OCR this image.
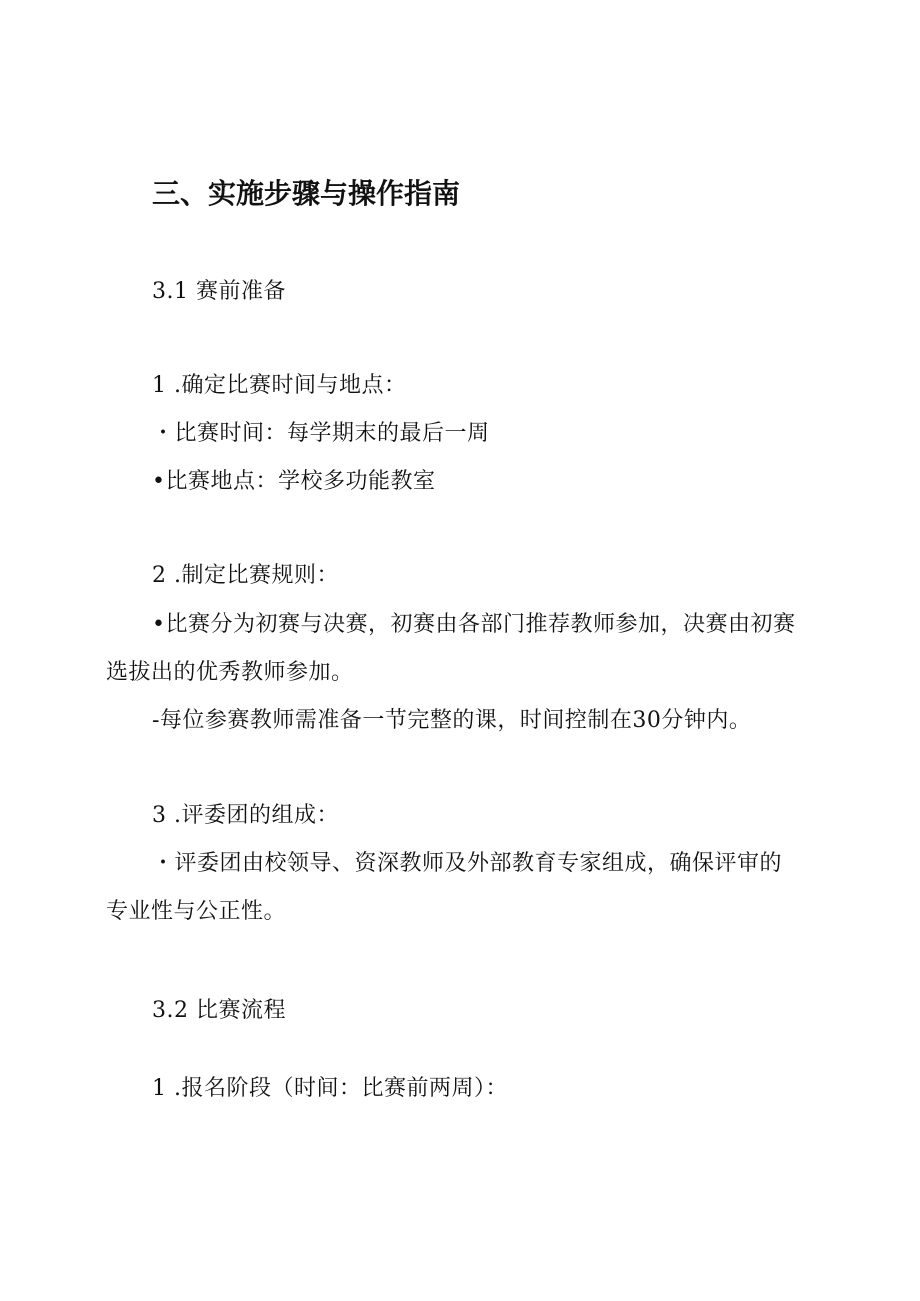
三、实施步骤与操作指南
3.1 赛前准备
1 .确定比赛时间与地点：
・比赛时间：每学期末的最后一周
•比赛地点：学校多功能教室
2 .制定比赛规则：
•比赛分为初赛与决赛，初赛由各部门推荐教师参加，决赛由初赛
选拔出的优秀教师参加。
-每位参赛教师需准备一节完整的课，时间控制在30分钟内。
3 .评委团的组成：
・评委团由校领导、资深教师及外部教育专家组成，确保评审的
专业性与公正性。
3.2 比赛流程
1 .报名阶段（时间：比赛前两周）：
